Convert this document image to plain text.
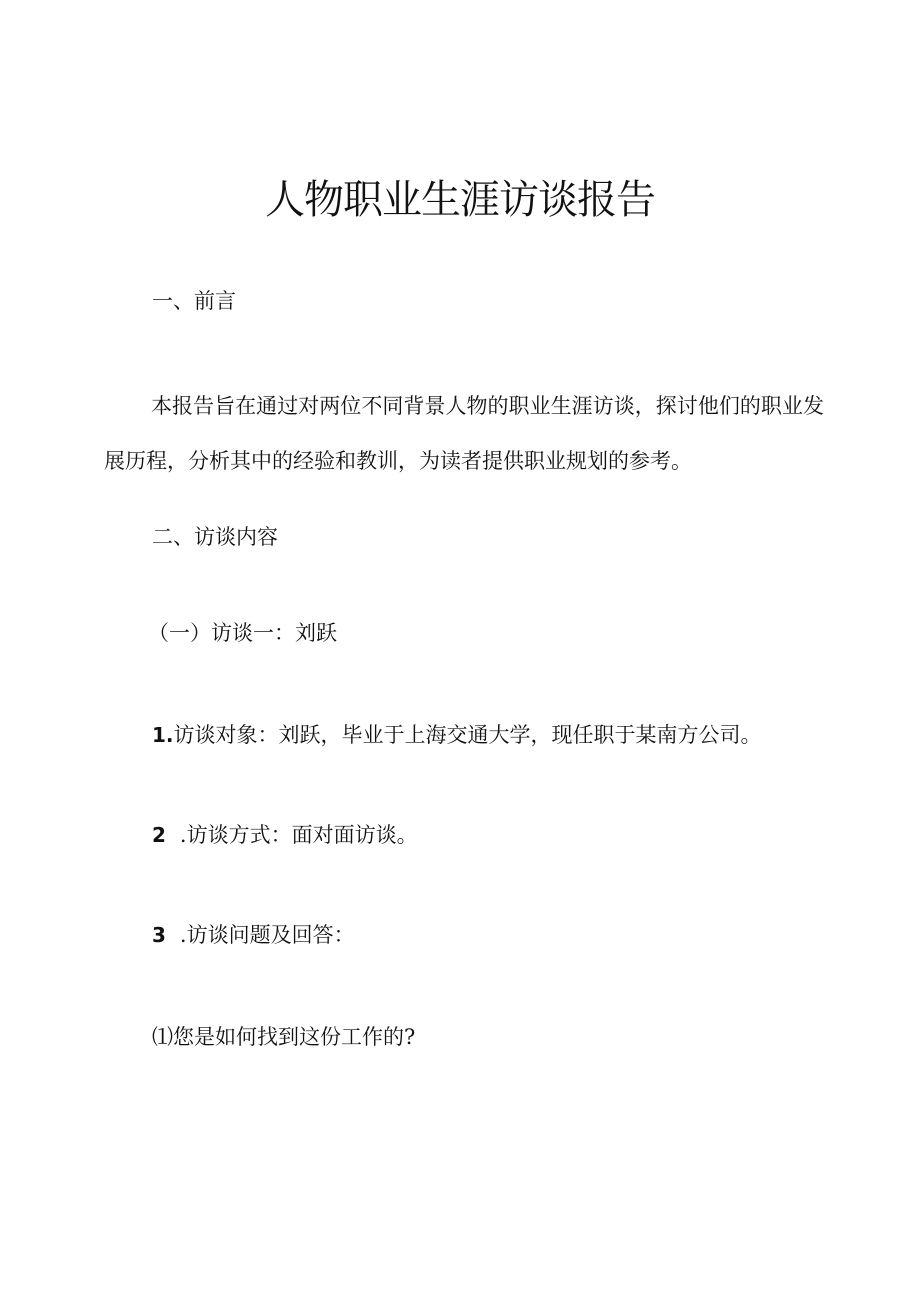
人物职业生涯访谈报告
一、前言
本报告旨在通过对两位不同背景人物的职业生涯访谈，探讨他们的职业发展历程，分析其中的经验和教训，为读者提供职业规划的参考。
二、访谈内容
（一）访谈一：刘跃
1.访谈对象：刘跃，毕业于上海交通大学，现任职于某南方公司。
2 .访谈方式：面对面访谈。
3 .访谈问题及回答：
⑴您是如何找到这份工作的?
